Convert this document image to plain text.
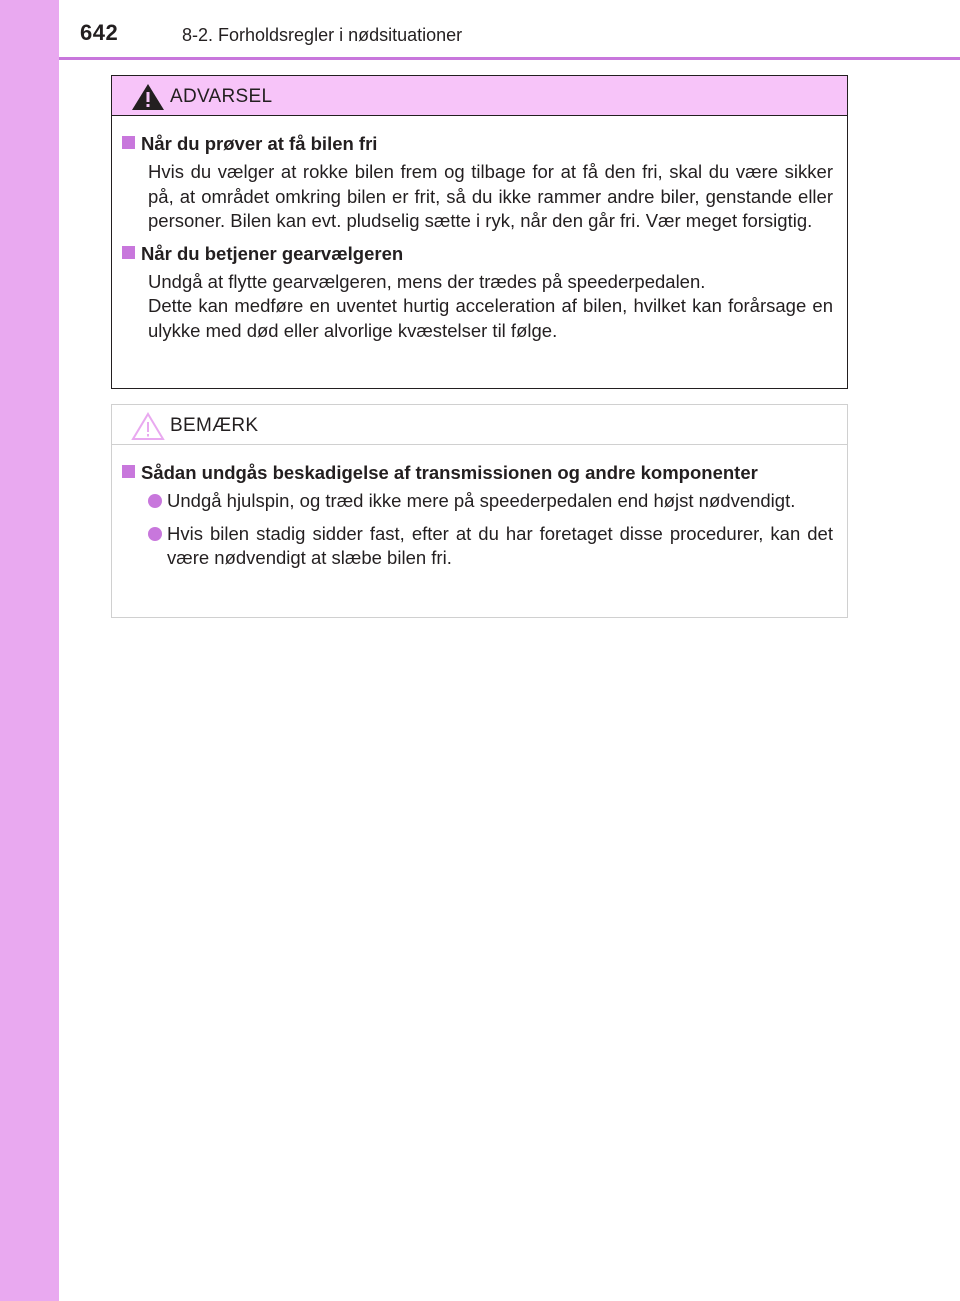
642	8-2. Forholdsregler i nødsituationer
ADVARSEL
Når du prøver at få bilen fri
Hvis du vælger at rokke bilen frem og tilbage for at få den fri, skal du være sikker på, at området omkring bilen er frit, så du ikke rammer andre biler, genstande eller personer. Bilen kan evt. pludselig sætte i ryk, når den går fri. Vær meget forsigtig.
Når du betjener gearvælgeren
Undgå at flytte gearvælgeren, mens der trædes på speederpedalen.
Dette kan medføre en uventet hurtig acceleration af bilen, hvilket kan forårsage en ulykke med død eller alvorlige kvæstelser til følge.
BEMÆRK
Sådan undgås beskadigelse af transmissionen og andre komponenter
Undgå hjulspin, og træd ikke mere på speederpedalen end højst nødvendigt.
Hvis bilen stadig sidder fast, efter at du har foretaget disse procedurer, kan det være nødvendigt at slæbe bilen fri.
